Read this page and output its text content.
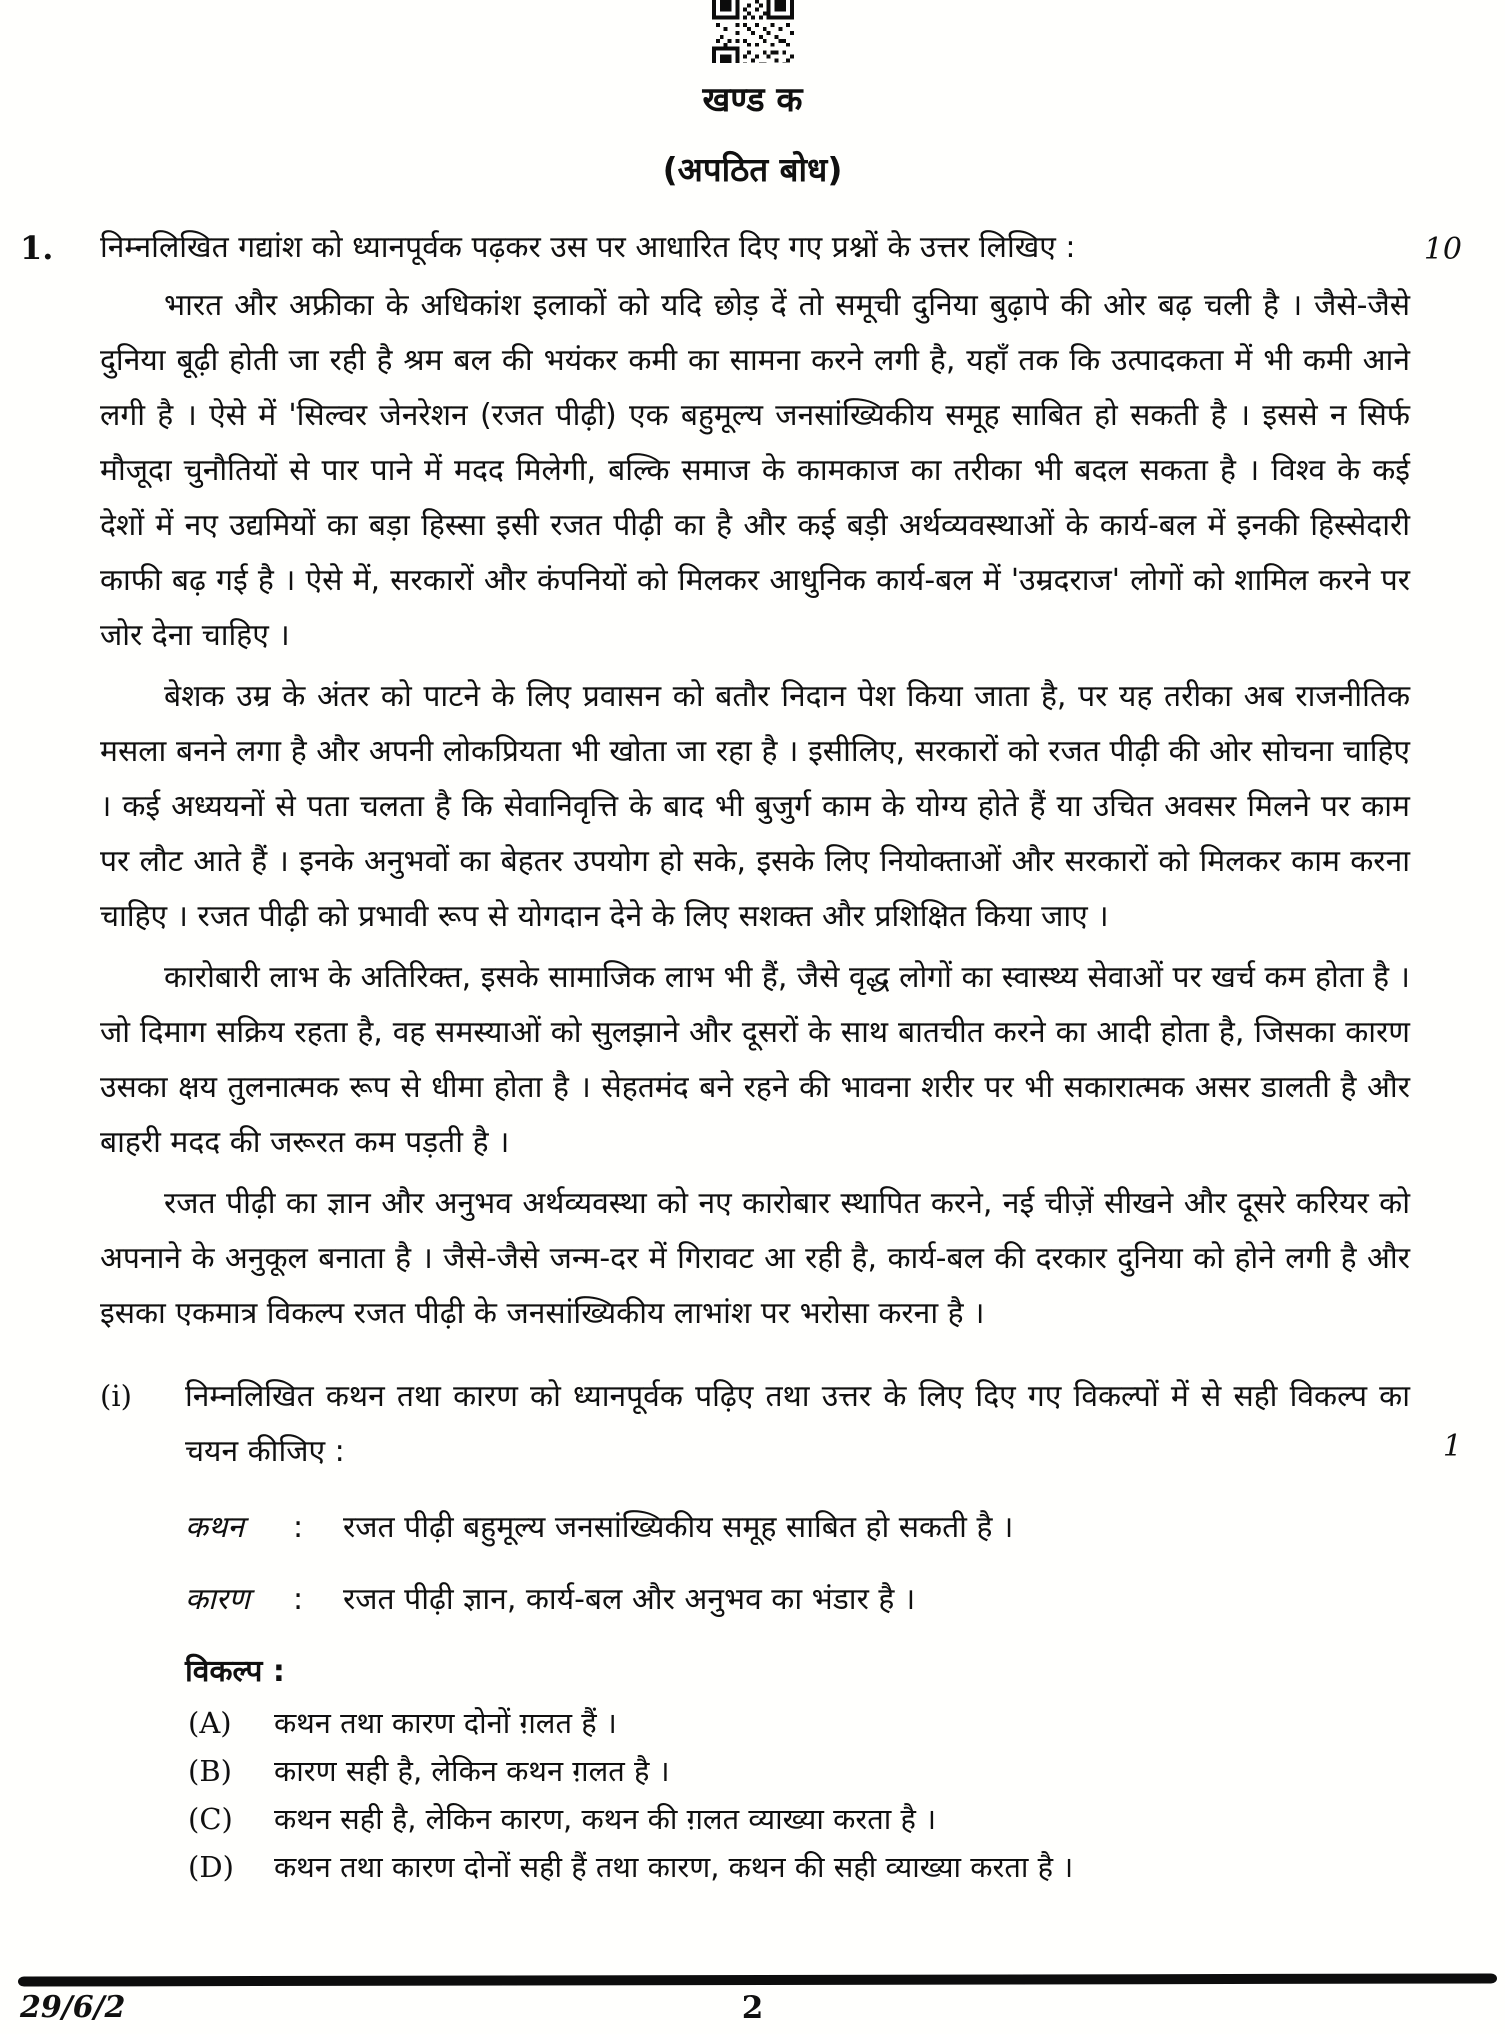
खण्ड क
(अपठित बोध)
1. निम्नलिखित गद्यांश को ध्यानपूर्वक पढ़कर उस पर आधारित दिए गए प्रश्नों के उत्तर लिखिए :	10

भारत और अफ्रीका के अधिकांश इलाकों को यदि छोड़ दें तो समूची दुनिया बुढ़ापे की ओर बढ़ चली है । जैसे-जैसे दुनिया बूढ़ी होती जा रही है श्रम बल की भयंकर कमी का सामना करने लगी है, यहाँ तक कि उत्पादकता में भी कमी आने लगी है । ऐसे में 'सिल्वर जेनरेशन (रजत पीढ़ी) एक बहुमूल्य जनसांख्यिकीय समूह साबित हो सकती है । इससे न सिर्फ मौजूदा चुनौतियों से पार पाने में मदद मिलेगी, बल्कि समाज के कामकाज का तरीका भी बदल सकता है । विश्व के कई देशों में नए उद्यमियों का बड़ा हिस्सा इसी रजत पीढ़ी का है और कई बड़ी अर्थव्यवस्थाओं के कार्य-बल में इनकी हिस्सेदारी काफी बढ़ गई है । ऐसे में, सरकारों और कंपनियों को मिलकर आधुनिक कार्य-बल में 'उम्रदराज' लोगों को शामिल करने पर जोर देना चाहिए ।

बेशक उम्र के अंतर को पाटने के लिए प्रवासन को बतौर निदान पेश किया जाता है, पर यह तरीका अब राजनीतिक मसला बनने लगा है और अपनी लोकप्रियता भी खोता जा रहा है । इसीलिए, सरकारों को रजत पीढ़ी की ओर सोचना चाहिए । कई अध्ययनों से पता चलता है कि सेवानिवृत्ति के बाद भी बुजुर्ग काम के योग्य होते हैं या उचित अवसर मिलने पर काम पर लौट आते हैं । इनके अनुभवों का बेहतर उपयोग हो सके, इसके लिए नियोक्ताओं और सरकारों को मिलकर काम करना चाहिए । रजत पीढ़ी को प्रभावी रूप से योगदान देने के लिए सशक्त और प्रशिक्षित किया जाए ।

कारोबारी लाभ के अतिरिक्त, इसके सामाजिक लाभ भी हैं, जैसे वृद्ध लोगों का स्वास्थ्य सेवाओं पर खर्च कम होता है । जो दिमाग सक्रिय रहता है, वह समस्याओं को सुलझाने और दूसरों के साथ बातचीत करने का आदी होता है, जिसका कारण उसका क्षय तुलनात्मक रूप से धीमा होता है । सेहतमंद बने रहने की भावना शरीर पर भी सकारात्मक असर डालती है और बाहरी मदद की जरूरत कम पड़ती है ।

रजत पीढ़ी का ज्ञान और अनुभव अर्थव्यवस्था को नए कारोबार स्थापित करने, नई चीज़ें सीखने और दूसरे करियर को अपनाने के अनुकूल बनाता है । जैसे-जैसे जन्म-दर में गिरावट आ रही है, कार्य-बल की दरकार दुनिया को होने लगी है और इसका एकमात्र विकल्प रजत पीढ़ी के जनसांख्यिकीय लाभांश पर भरोसा करना है ।

(i)	निम्नलिखित कथन तथा कारण को ध्यानपूर्वक पढ़िए तथा उत्तर के लिए दिए गए विकल्पों में से सही विकल्प का चयन कीजिए :	1
कथन	:	रजत पीढ़ी बहुमूल्य जनसांख्यिकीय समूह साबित हो सकती है ।
कारण	:	रजत पीढ़ी ज्ञान, कार्य-बल और अनुभव का भंडार है ।
विकल्प :
(A)	कथन तथा कारण दोनों ग़लत हैं ।
(B)	कारण सही है, लेकिन कथन ग़लत है ।
(C)	कथन सही है, लेकिन कारण, कथन की ग़लत व्याख्या करता है ।
(D)	कथन तथा कारण दोनों सही हैं तथा कारण, कथन की सही व्याख्या करता है ।
29/6/2	2
